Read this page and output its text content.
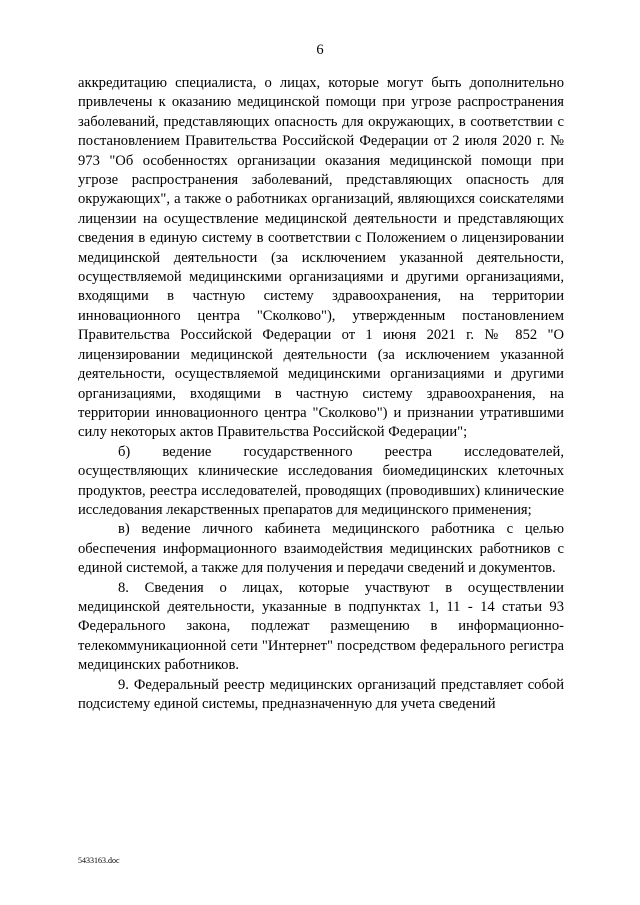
6

аккредитацию специалиста, о лицах, которые могут быть дополнительно привлечены к оказанию медицинской помощи при угрозе распространения заболеваний, представляющих опасность для окружающих, в соответствии с постановлением Правительства Российской Федерации от 2 июля 2020 г. № 973 "Об особенностях организации оказания медицинской помощи при угрозе распространения заболеваний, представляющих опасность для окружающих", а также о работниках организаций, являющихся соискателями лицензии на осуществление медицинской деятельности и представляющих сведения в единую систему в соответствии с Положением о лицензировании медицинской деятельности (за исключением указанной деятельности, осуществляемой медицинскими организациями и другими организациями, входящими в частную систему здравоохранения, на территории инновационного центра "Сколково"), утвержденным постановлением Правительства Российской Федерации от 1 июня 2021 г. № 852 "О лицензировании медицинской деятельности (за исключением указанной деятельности, осуществляемой медицинскими организациями и другими организациями, входящими в частную систему здравоохранения, на территории инновационного центра "Сколково") и признании утратившими силу некоторых актов Правительства Российской Федерации";

б) ведение государственного реестра исследователей, осуществляющих клинические исследования биомедицинских клеточных продуктов, реестра исследователей, проводящих (проводивших) клинические исследования лекарственных препаратов для медицинского применения;

в) ведение личного кабинета медицинского работника с целью обеспечения информационного взаимодействия медицинских работников с единой системой, а также для получения и передачи сведений и документов.

8. Сведения о лицах, которые участвуют в осуществлении медицинской деятельности, указанные в подпунктах 1, 11 - 14 статьи 93 Федерального закона, подлежат размещению в информационно-телекоммуникационной сети "Интернет" посредством федерального регистра медицинских работников.

9. Федеральный реестр медицинских организаций представляет собой подсистему единой системы, предназначенную для учета сведений

5433163.doc
